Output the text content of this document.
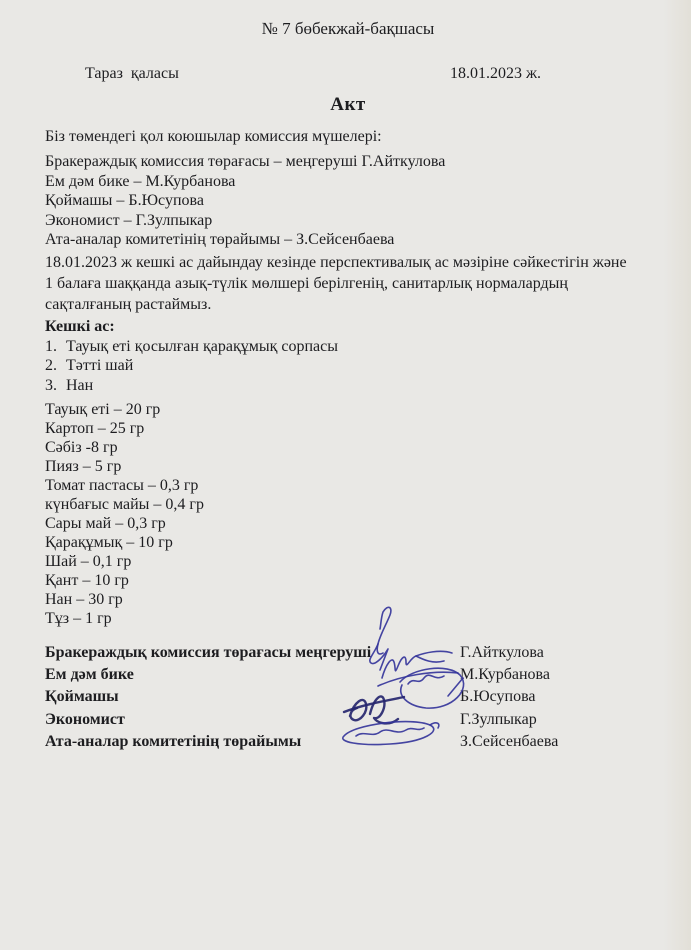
№ 7 бөбекжай-бақшасы
Тараз  қаласы	18.01.2023 ж.
Акт
Біз төмендегі қол коюшылар комиссия мүшелері:
Бракераждық комиссия төрағасы – меңгеруші Г.Айткулова
Ем дәм бике – М.Курбанова
Қоймашы – Б.Юсупова
Экономист – Г.Зулпыкар
Ата-аналар комитетінің төрайымы – З.Сейсенбаева
18.01.2023 ж кешкі ас дайындау кезінде перспективалық ас мәзіріне сәйкестігін және
1 балаға шаққанда азық-түлік мөлшері берілгенің, санитарлық нормалардың
сақталғаның растаймыз.
Кешкі ас:
1. Тауық еті қосылған қарақұмық сорпасы
2. Тәтті шай
3. Нан
Тауық еті – 20 гр
Картоп – 25 гр
Сәбіз -8 гр
Пияз – 5 гр
Томат пастасы – 0,3 гр
күнбағыс майы – 0,4 гр
Сары май – 0,3 гр
Қарақұмық – 10 гр
Шай – 0,1 гр
Қант – 10 гр
Нан – 30 гр
Тұз – 1 гр
Бракераждық комиссия төрағасы меңгеруші	Г.Айткулова
Ем дәм бике	М.Курбанова
Қоймашы	Б.Юсупова
Экономист	Г.Зулпыкар
Ата-аналар комитетінің төрайымы	З.Сейсенбаева
